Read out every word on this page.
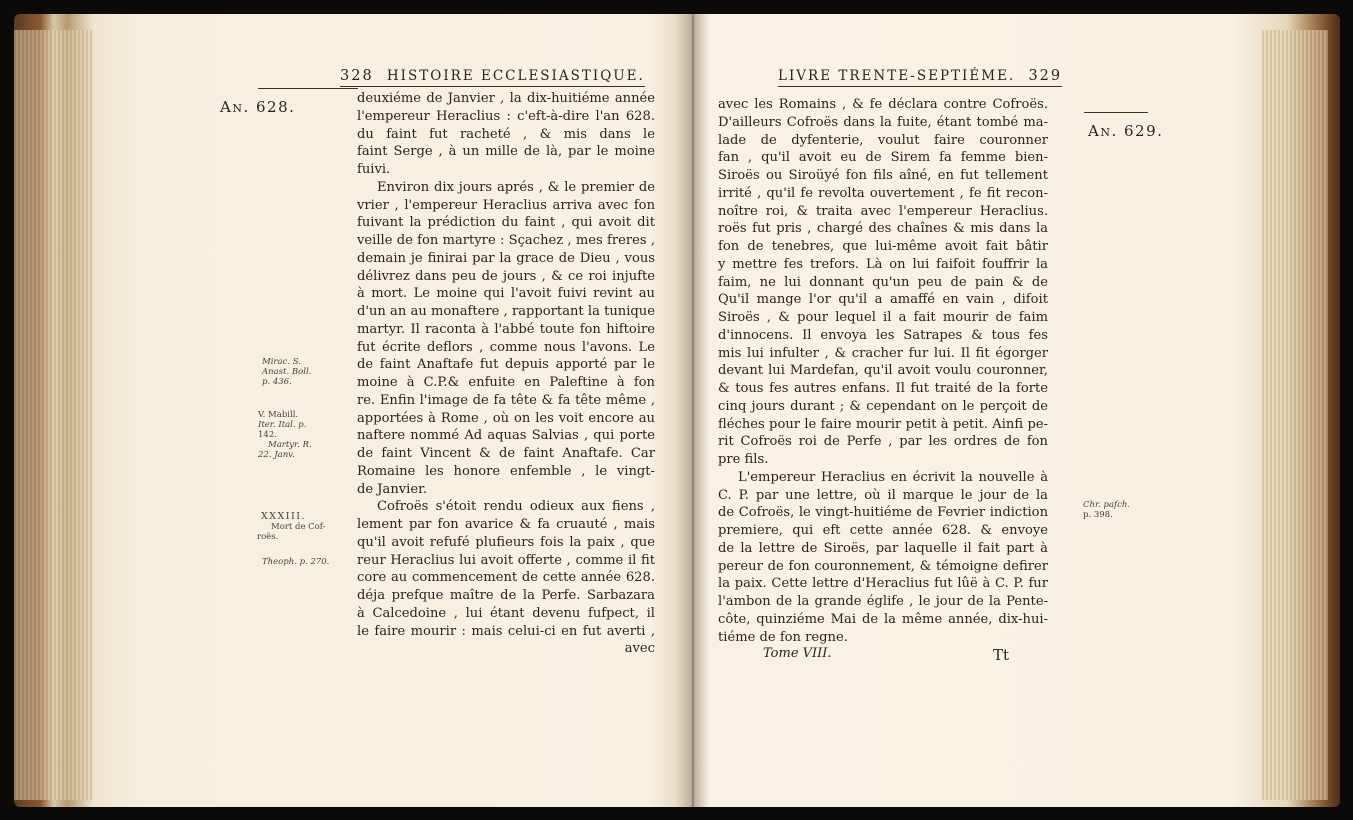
328 HISTOIRE ECCLESIASTIQUE.
An. 628.
Mirac. S.
Anast. Boll.
p. 436.
V. Mabill.
Iter. Ital. p.
142.
Martyr. R.
22. Janv.
XXXIII.
Mort de Cof-
roës.
Theoph. p. 270.
deuxiéme de Janvier , la dix-huitiéme année
l'empereur Heraclius : c'eft-à-dire l'an 628.
du faint fut racheté , & mis dans le
faint Serge , à un mille de là, par le moine
fuivi.
Environ dix jours aprés , & le premier de
vrier , l'empereur Heraclius arriva avec fon
fuivant la prédiction du faint , qui avoit dit
veille de fon martyre : Sçachez , mes freres ,
demain je finirai par la grace de Dieu , vous
délivrez dans peu de jours , & ce roi injufte
à mort. Le moine qui l'avoit fuivi revint au
d'un an au monaftere , rapportant la tunique
martyr. Il raconta à l'abbé toute fon hiftoire
fut écrite deflors , comme nous l'avons. Le
de faint Anaftafe fut depuis apporté par le
moine à C.P.& enfuite en Paleftine à fon
re. Enfin l'image de fa tête & fa tête même ,
apportées à Rome , où on les voit encore au
naftere nommé Ad aquas Salvias , qui porte
de faint Vincent & de faint Anaftafe. Car
Romaine les honore enfemble , le vingt-
de Janvier.
Cofroës s'étoit rendu odieux aux fiens ,
lement par fon avarice & fa cruauté , mais
qu'il avoit refufé plufieurs fois la paix , que
reur Heraclius lui avoit offerte , comme il fit
core au commencement de cette année 628.
déja prefque maître de la Perfe. Sarbazara
à Calcedoine , lui étant devenu fufpect, il
le faire mourir : mais celui-ci en fut averti ,
avec
LIVRE TRENTE-SEPTIÉME. 329
An. 629.
Chr. pafch.
p. 398.
avec les Romains , & fe déclara contre Cofroës.
D'ailleurs Cofroës dans la fuite, étant tombé ma-
lade de dyfenterie, voulut faire couronner
fan , qu'il avoit eu de Sirem fa femme bien-
Siroës ou Siroüyé fon fils aîné, en fut tellement
irrité , qu'il fe revolta ouvertement , fe fit recon-
noître roi, & traita avec l'empereur Heraclius.
roës fut pris , chargé des chaînes & mis dans la
fon de tenebres, que lui-même avoit fait bâtir
y mettre fes trefors. Là on lui faifoit fouffrir la
faim, ne lui donnant qu'un peu de pain & de
Qu'il mange l'or qu'il a amaffé en vain , difoit
Siroës , & pour lequel il a fait mourir de faim
d'innocens. Il envoya les Satrapes & tous fes
mis lui infulter , & cracher fur lui. Il fit égorger
devant lui Mardefan, qu'il avoit voulu couronner,
& tous fes autres enfans. Il fut traité de la forte
cinq jours durant ; & cependant on le perçoit de
fléches pour le faire mourir petit à petit. Ainfi pe-
rit Cofroës roi de Perfe , par les ordres de fon
pre fils.
L'empereur Heraclius en écrivit la nouvelle à
C. P. par une lettre, où il marque le jour de la
de Cofroës, le vingt-huitiéme de Fevrier indiction
premiere, qui eft cette année 628. & envoye
de la lettre de Siroës, par laquelle il fait part à
pereur de fon couronnement, & témoigne defirer
la paix. Cette lettre d'Heraclius fut lûë à C. P. fur
l'ambon de la grande églife , le jour de la Pente-
côte, quinziéme Mai de la même année, dix-hui-
tiéme de fon regne.
Tome VIII.	Tt
